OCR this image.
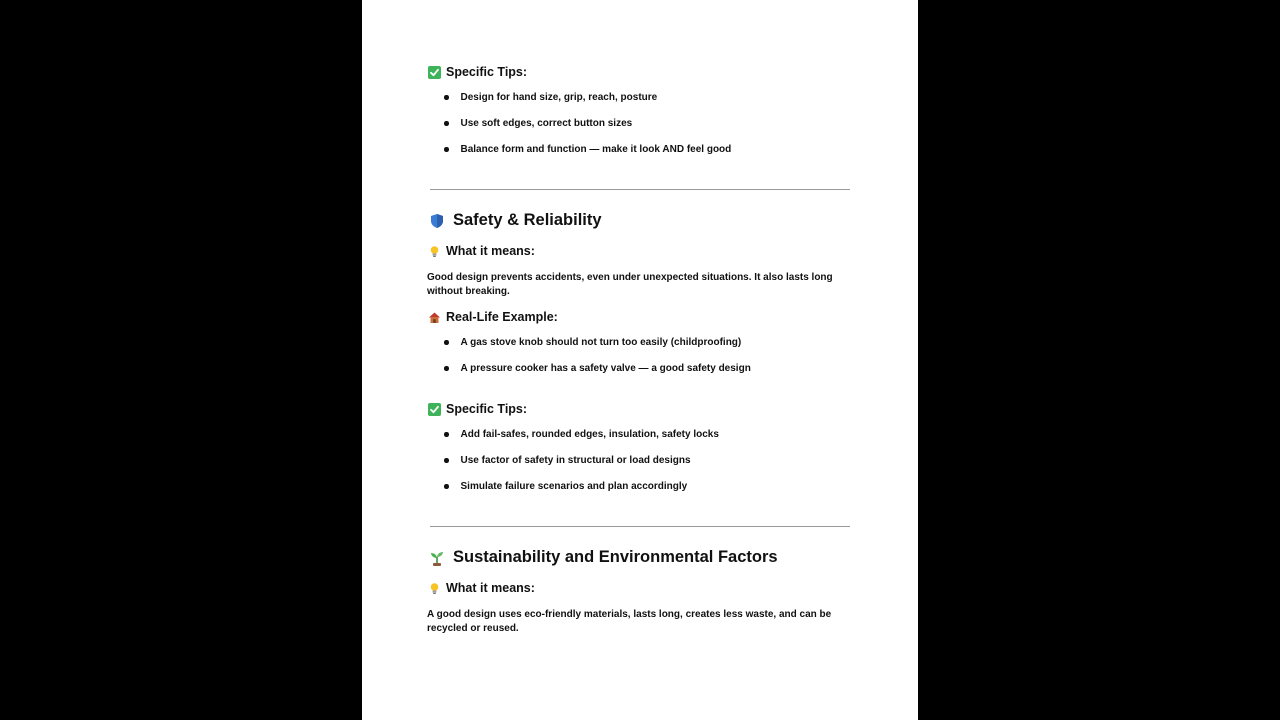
Specific Tips:
Design for hand size, grip, reach, posture
Use soft edges, correct button sizes
Balance form and function — make it look AND feel good
Safety & Reliability
What it means:
Good design prevents accidents, even under unexpected situations. It also lasts long without breaking.
Real-Life Example:
A gas stove knob should not turn too easily (childproofing)
A pressure cooker has a safety valve — a good safety design
Specific Tips:
Add fail-safes, rounded edges, insulation, safety locks
Use factor of safety in structural or load designs
Simulate failure scenarios and plan accordingly
Sustainability and Environmental Factors
What it means:
A good design uses eco-friendly materials, lasts long, creates less waste, and can be recycled or reused.
